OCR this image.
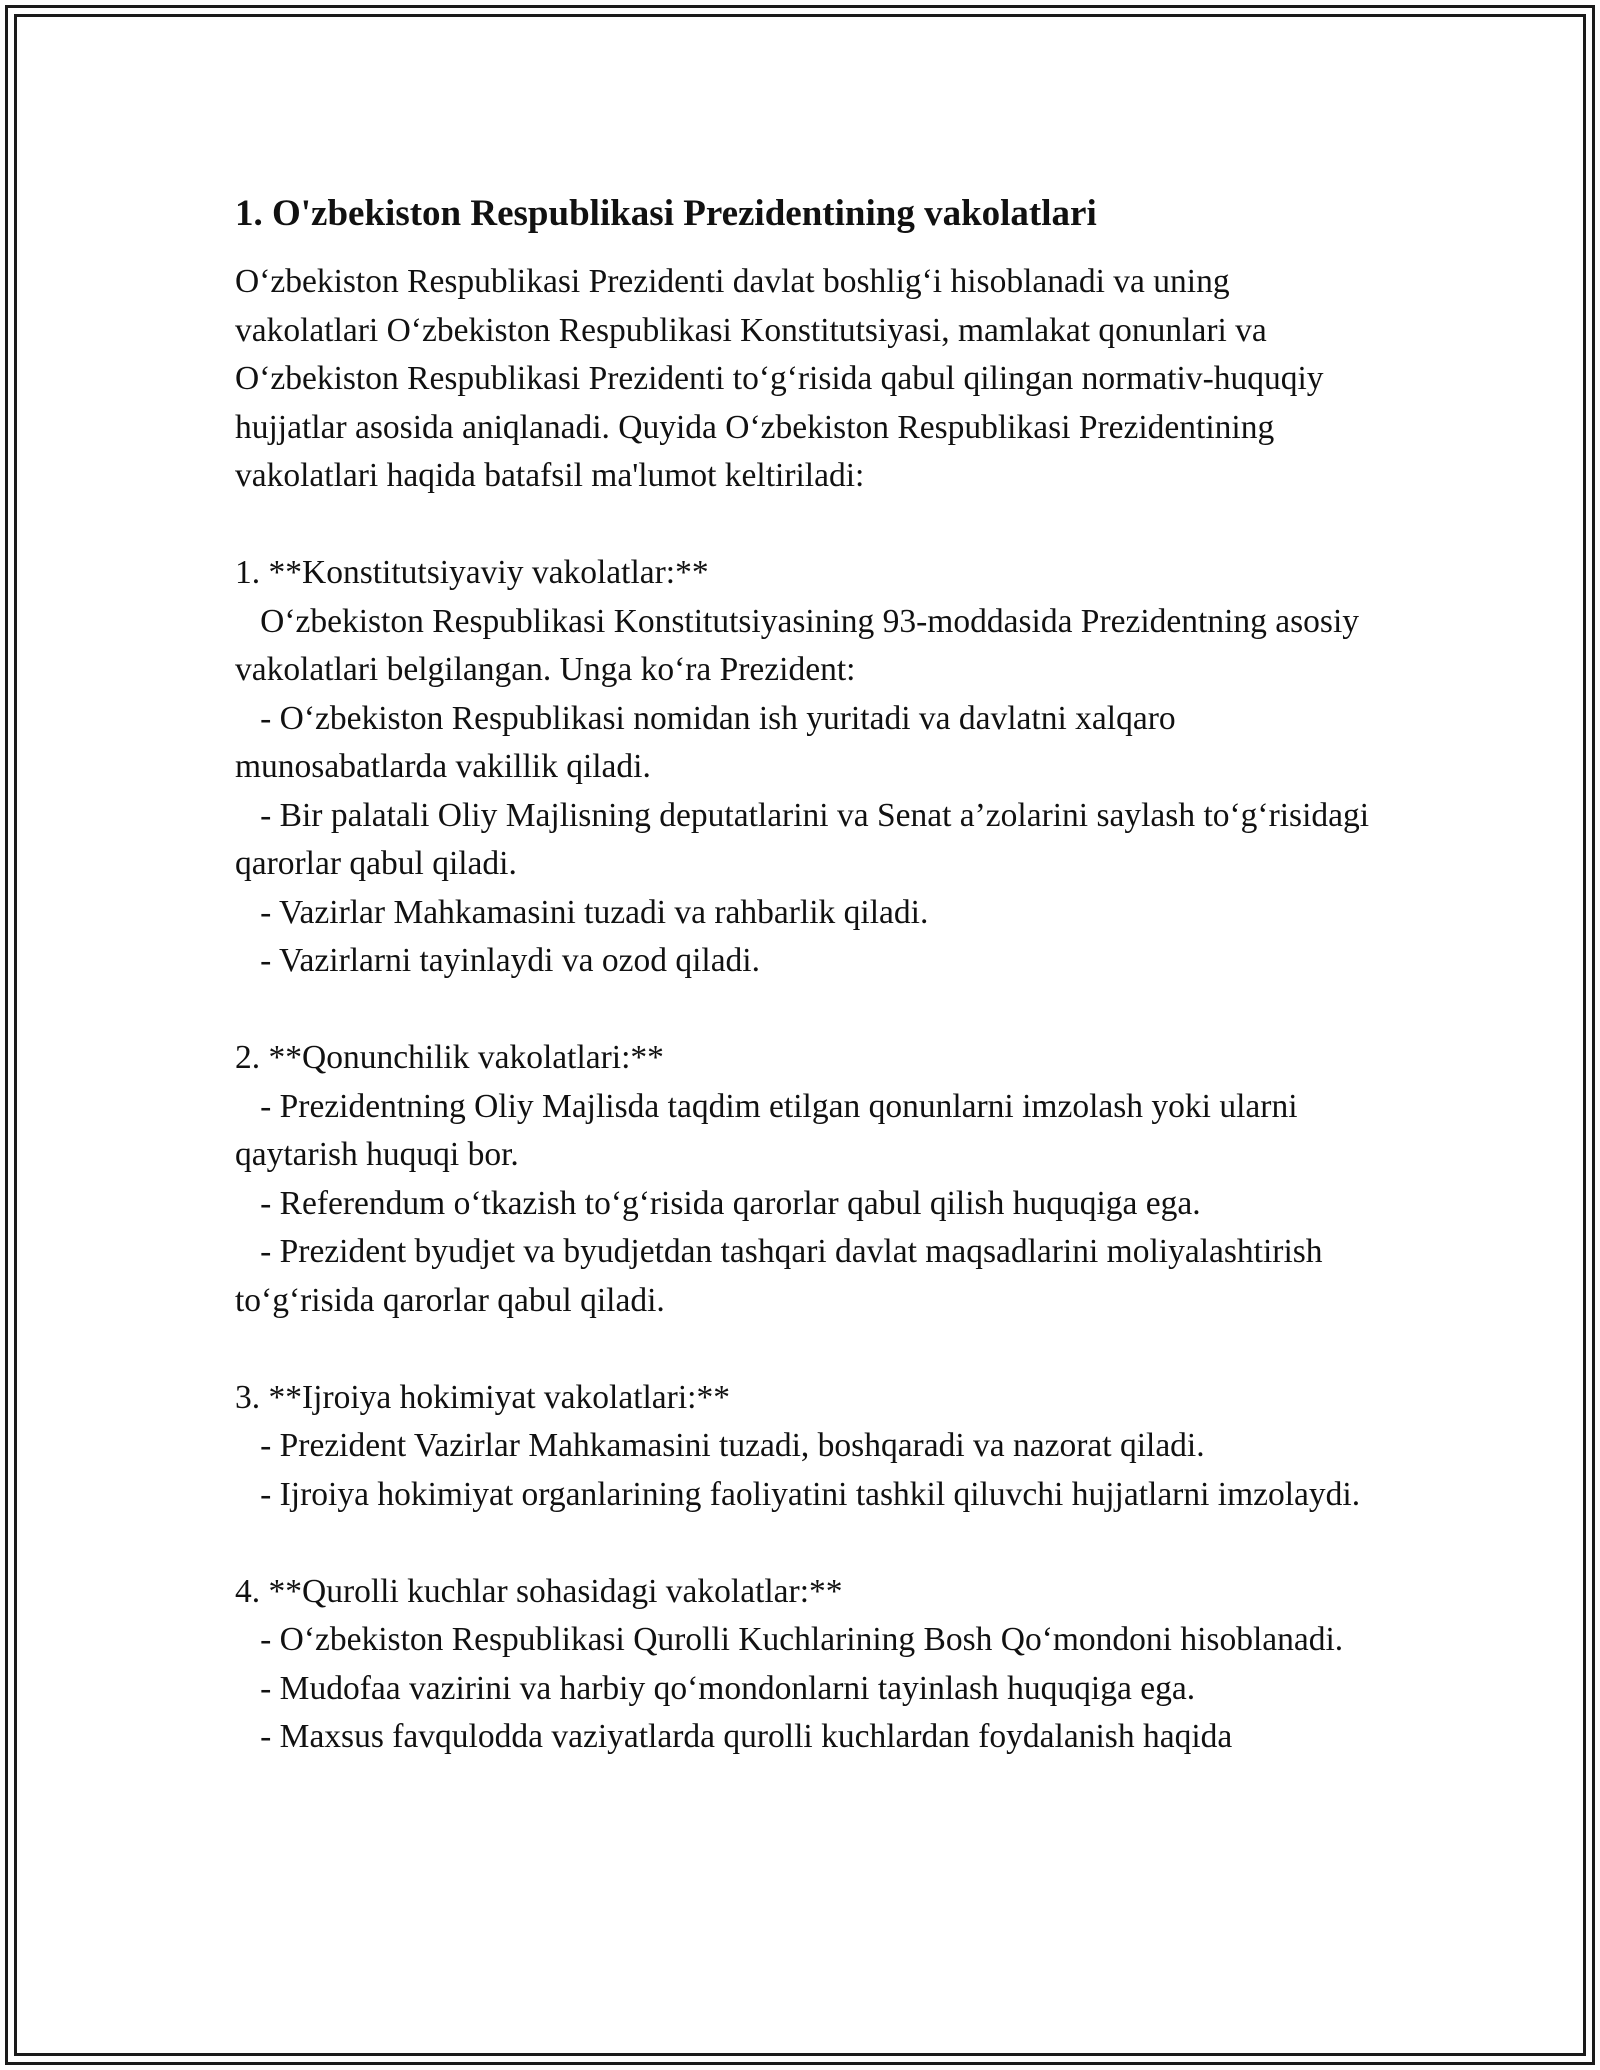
1. O'zbekiston Respublikasi Prezidentining vakolatlari

O‘zbekiston Respublikasi Prezidenti davlat boshlig‘i hisoblanadi va uning vakolatlari O‘zbekiston Respublikasi Konstitutsiyasi, mamlakat qonunlari va O‘zbekiston Respublikasi Prezidenti to‘g‘risida qabul qilingan normativ-huquqiy hujjatlar asosida aniqlanadi. Quyida O‘zbekiston Respublikasi Prezidentining vakolatlari haqida batafsil ma'lumot keltiriladi:

1. **Konstitutsiyaviy vakolatlar:**

O‘zbekiston Respublikasi Konstitutsiyasining 93-moddasida Prezidentning asosiy vakolatlari belgilangan. Unga ko‘ra Prezident:

- O‘zbekiston Respublikasi nomidan ish yuritadi va davlatni xalqaro munosabatlarda vakillik qiladi.

- Bir palatali Oliy Majlisning deputatlarini va Senat a’zolarini saylash to‘g‘risidagi qarorlar qabul qiladi.

- Vazirlar Mahkamasini tuzadi va rahbarlik qiladi.

- Vazirlarni tayinlaydi va ozod qiladi.

2. **Qonunchilik vakolatlari:**

- Prezidentning Oliy Majlisda taqdim etilgan qonunlarni imzolash yoki ularni qaytarish huquqi bor.

- Referendum o‘tkazish to‘g‘risida qarorlar qabul qilish huquqiga ega.

- Prezident byudjet va byudjetdan tashqari davlat maqsadlarini moliyalashtirish to‘g‘risida qarorlar qabul qiladi.

3. **Ijroiya hokimiyat vakolatlari:**

- Prezident Vazirlar Mahkamasini tuzadi, boshqaradi va nazorat qiladi.

- Ijroiya hokimiyat organlarining faoliyatini tashkil qiluvchi hujjatlarni imzolaydi.

4. **Qurolli kuchlar sohasidagi vakolatlar:**

- O‘zbekiston Respublikasi Qurolli Kuchlarining Bosh Qo‘mondoni hisoblanadi.

- Mudofaa vazirini va harbiy qo‘mondonlarni tayinlash huquqiga ega.

- Maxsus favqulodda vaziyatlarda qurolli kuchlardan foydalanish haqida
